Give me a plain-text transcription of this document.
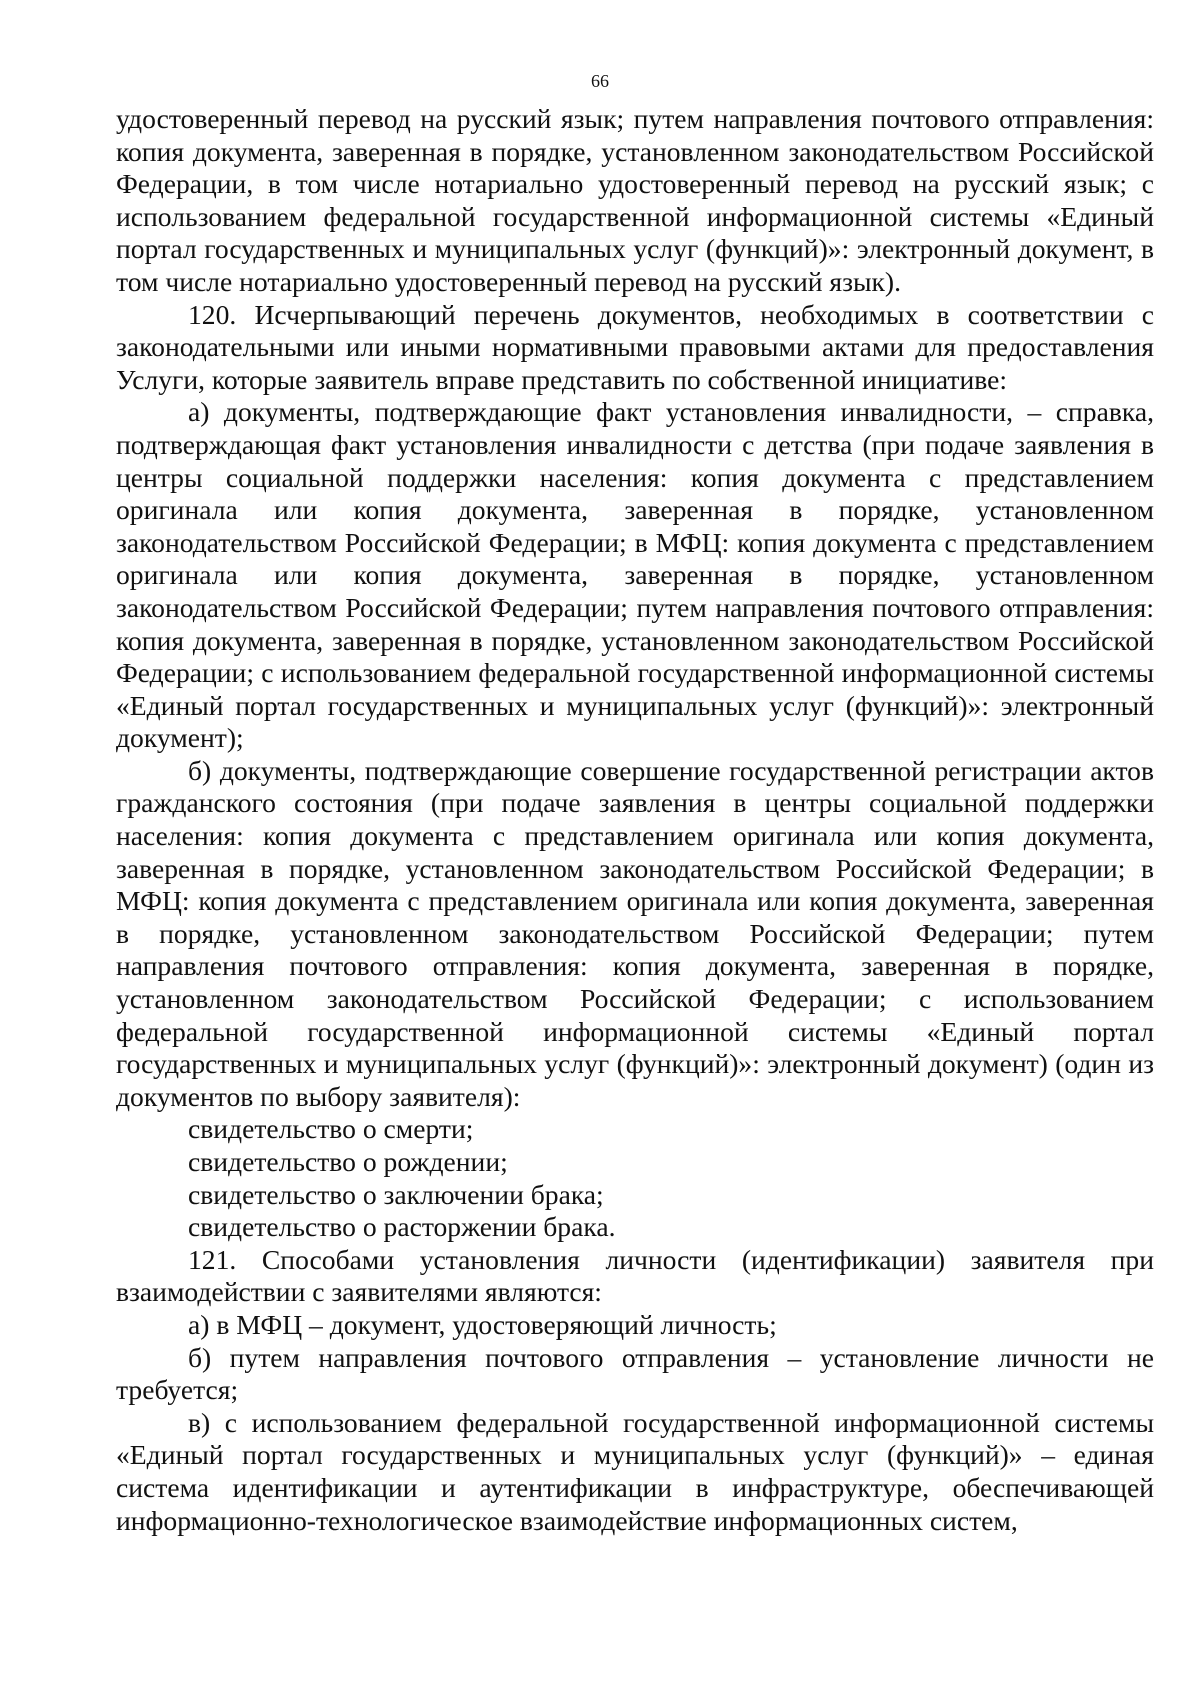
66

удостоверенный перевод на русский язык; путем направления почтового отправления: копия документа, заверенная в порядке, установленном законодательством Российской Федерации, в том числе нотариально удостоверенный перевод на русский язык; с использованием федеральной государственной информационной системы «Единый портал государственных и муниципальных услуг (функций)»: электронный документ, в том числе нотариально удостоверенный перевод на русский язык).

120. Исчерпывающий перечень документов, необходимых в соответствии с законодательными или иными нормативными правовыми актами для предоставления Услуги, которые заявитель вправе представить по собственной инициативе:

а) документы, подтверждающие факт установления инвалидности, – справка, подтверждающая факт установления инвалидности с детства (при подаче заявления в центры социальной поддержки населения: копия документа с представлением оригинала или копия документа, заверенная в порядке, установленном законодательством Российской Федерации; в МФЦ: копия документа с представлением оригинала или копия документа, заверенная в порядке, установленном законодательством Российской Федерации; путем направления почтового отправления: копия документа, заверенная в порядке, установленном законодательством Российской Федерации; с использованием федеральной государственной информационной системы «Единый портал государственных и муниципальных услуг (функций)»: электронный документ);

б) документы, подтверждающие совершение государственной регистрации актов гражданского состояния (при подаче заявления в центры социальной поддержки населения: копия документа с представлением оригинала или копия документа, заверенная в порядке, установленном законодательством Российской Федерации; в МФЦ: копия документа с представлением оригинала или копия документа, заверенная в порядке, установленном законодательством Российской Федерации; путем направления почтового отправления: копия документа, заверенная в порядке, установленном законодательством Российской Федерации; с использованием федеральной государственной информационной системы «Единый портал государственных и муниципальных услуг (функций)»: электронный документ) (один из документов по выбору заявителя):

свидетельство о смерти;

свидетельство о рождении;

свидетельство о заключении брака;

свидетельство о расторжении брака.

121. Способами установления личности (идентификации) заявителя при взаимодействии с заявителями являются:

а) в МФЦ – документ, удостоверяющий личность;

б) путем направления почтового отправления – установление личности не требуется;

в) с использованием федеральной государственной информационной системы «Единый портал государственных и муниципальных услуг (функций)» – единая система идентификации и аутентификации в инфраструктуре, обеспечивающей информационно-технологическое взаимодействие информационных систем,
